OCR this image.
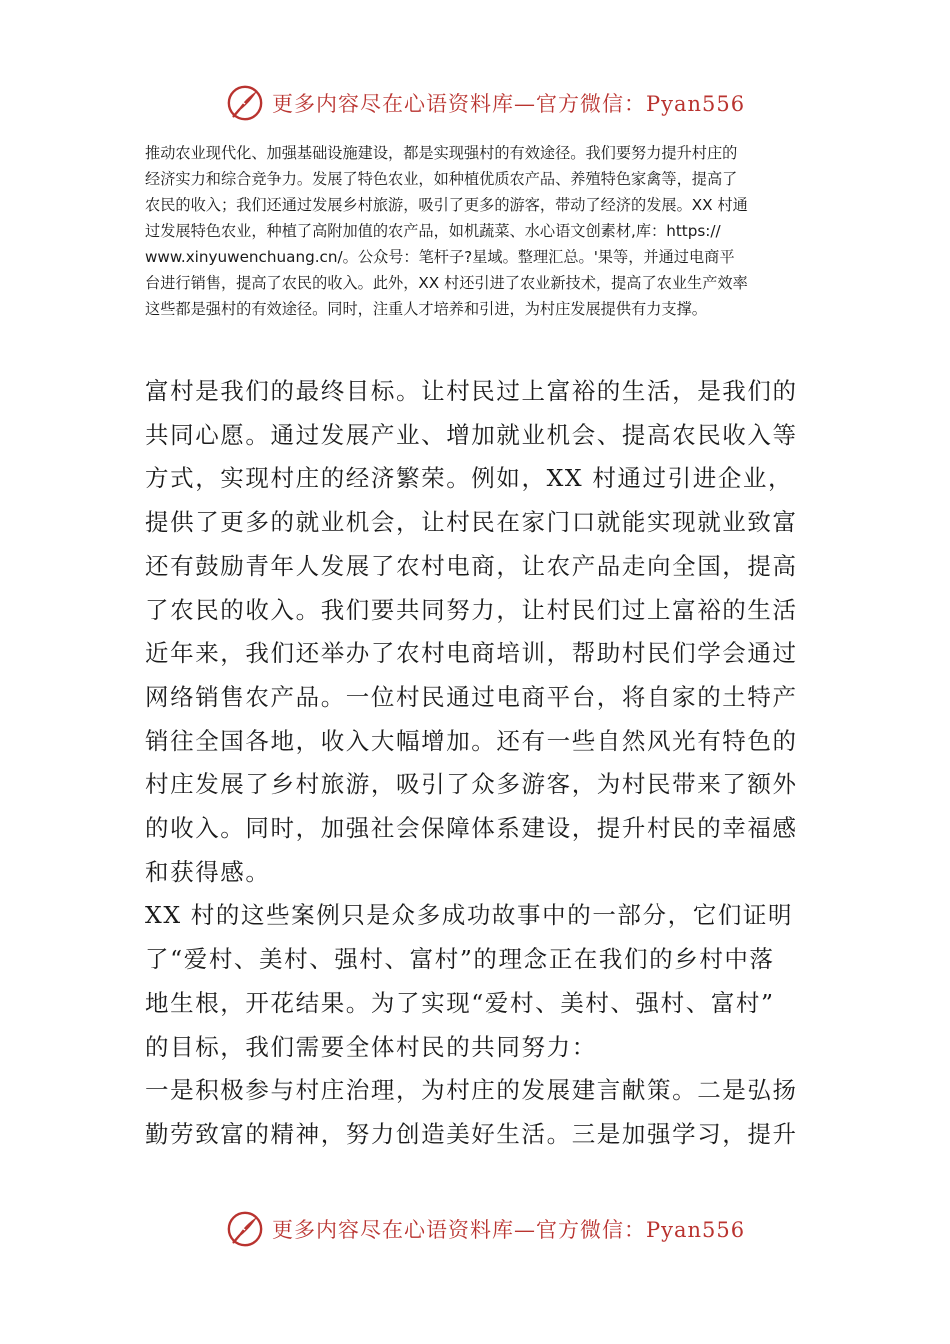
更多内容尽在心语资料库—官方微信：Pyan556
推动农业现代化、加强基础设施建设，都是实现强村的有效途径。我们要努力提升村庄的
经济实力和综合竞争力。发展了特色农业，如种植优质农产品、养殖特色家禽等，提高了
农民的收入；我们还通过发展乡村旅游，吸引了更多的游客，带动了经济的发展。XX 村通
过发展特色农业，种植了高附加值的农产品，如机蔬菜、水心语文创素材,库：https://
www.xinyuwenchuang.cn/。公众号：笔杆子?星域。整理汇总。'果等，并通过电商平
台进行销售，提高了农民的收入。此外，XX 村还引进了农业新技术，提高了农业生产效率
这些都是强村的有效途径。同时，注重人才培养和引进，为村庄发展提供有力支撑。
富村是我们的最终目标。让村民过上富裕的生活，是我们的
共同心愿。通过发展产业、增加就业机会、提高农民收入等
方式，实现村庄的经济繁荣。例如，XX 村通过引进企业，
提供了更多的就业机会，让村民在家门口就能实现就业致富
还有鼓励青年人发展了农村电商，让农产品走向全国，提高
了农民的收入。我们要共同努力，让村民们过上富裕的生活
近年来，我们还举办了农村电商培训，帮助村民们学会通过
网络销售农产品。一位村民通过电商平台，将自家的土特产
销往全国各地，收入大幅增加。还有一些自然风光有特色的
村庄发展了乡村旅游，吸引了众多游客，为村民带来了额外
的收入。同时，加强社会保障体系建设，提升村民的幸福感
和获得感。
XX 村的这些案例只是众多成功故事中的一部分，它们证明
了“爱村、美村、强村、富村”的理念正在我们的乡村中落
地生根，开花结果。为了实现“爱村、美村、强村、富村”
的目标，我们需要全体村民的共同努力：
一是积极参与村庄治理，为村庄的发展建言献策。二是弘扬
勤劳致富的精神，努力创造美好生活。三是加强学习，提升
更多内容尽在心语资料库—官方微信：Pyan556
